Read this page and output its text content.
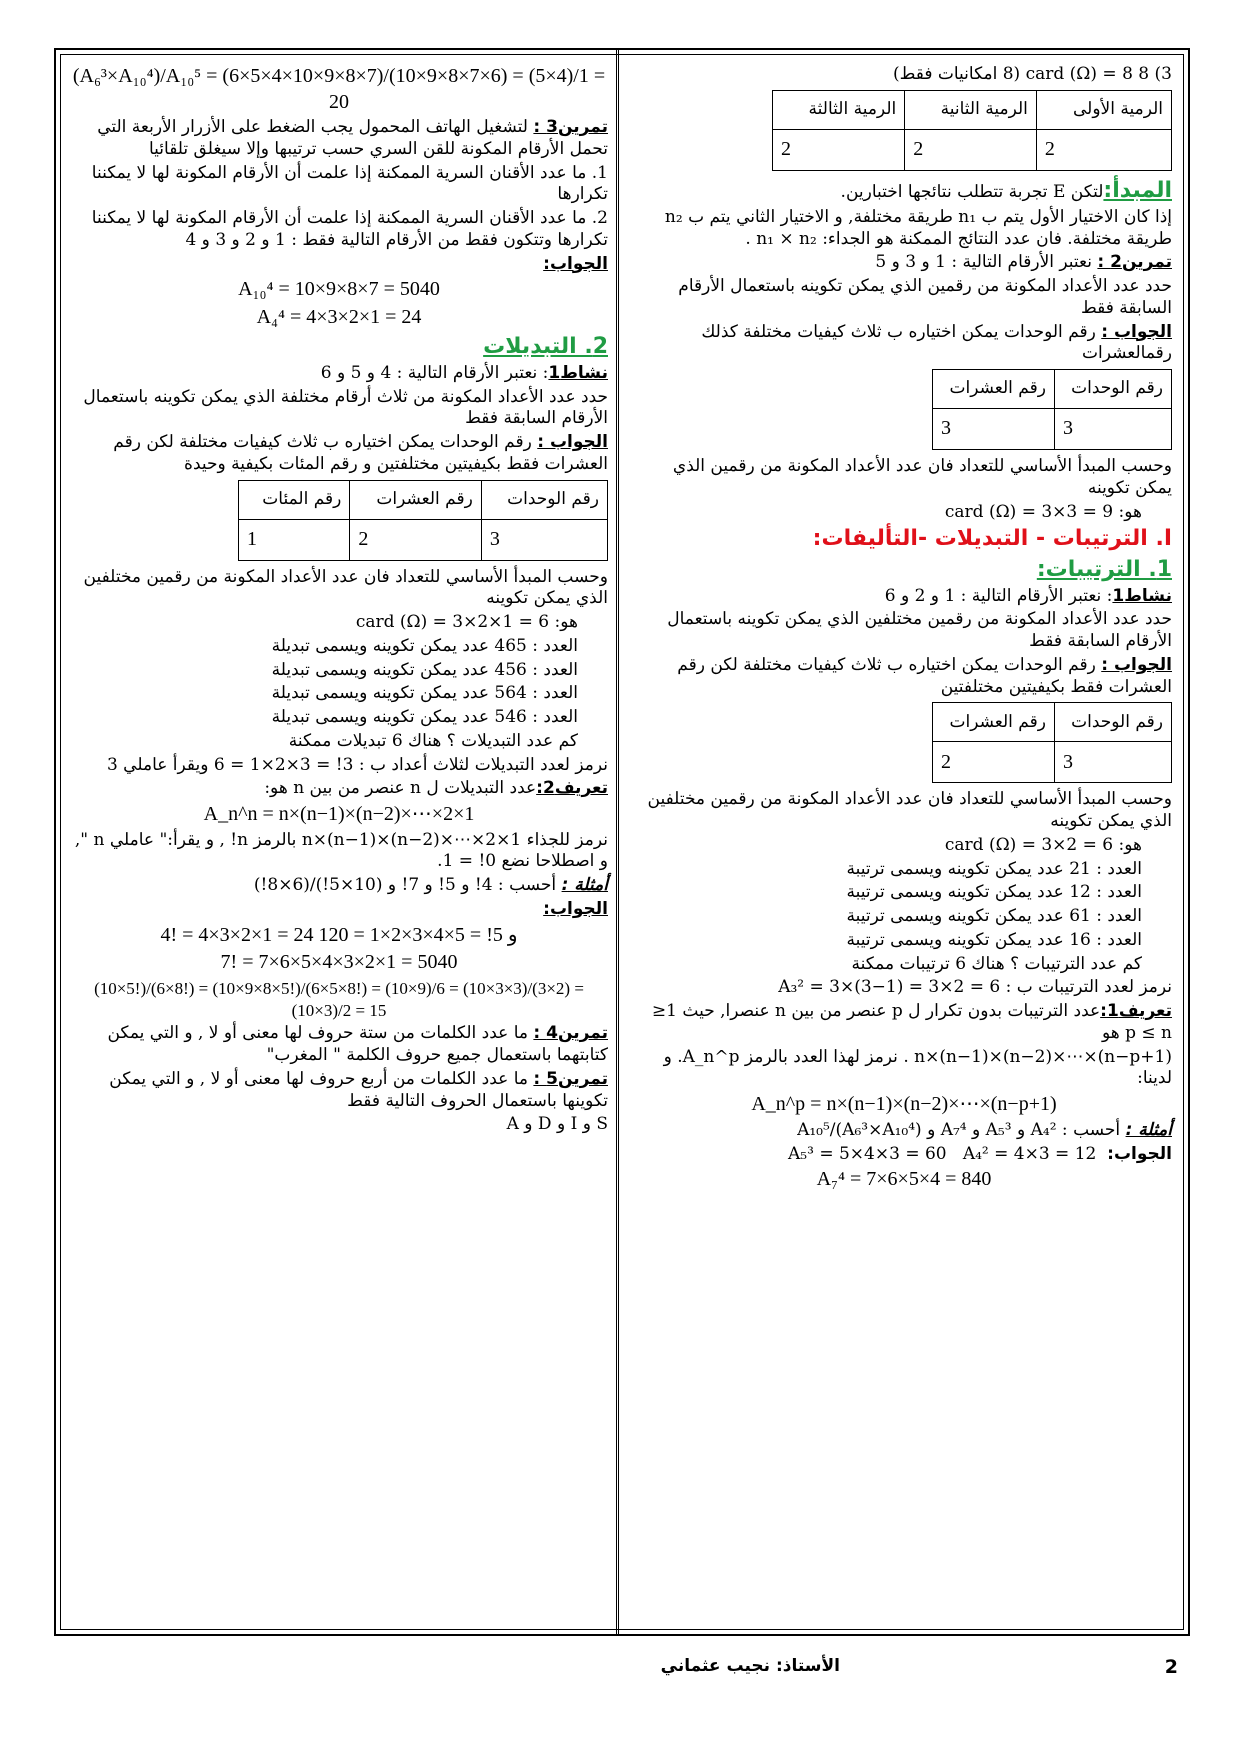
3) 8 card (Ω) = 8 (8 امكانيات فقط)

الرمية الأولى	الرمية الثانية	الرمية الثالثة
2	2	2

المبدأ:لتكن E تجربة تتطلب نتائجها اختبارين.

إذا كان الاختيار الأول يتم ب n₁ طريقة مختلفة, و الاختيار الثاني يتم ب n₂ طريقة مختلفة. فان عدد النتائج الممكنة هو الجداء: n₁ × n₂ .

تمرين2 : نعتبر الأرقام التالية : 1 و 3 و 5

حدد عدد الأعداد المكونة من رقمين الذي يمكن تكوينه باستعمال الأرقام السابقة فقط

الجواب : رقم الوحدات يمكن اختياره ب ثلاث كيفيات مختلفة كذلك رقمالعشرات

رقم الوحدات	رقم العشرات
3	3

وحسب المبدأ الأساسي للتعداد فان عدد الأعداد المكونة من رقمين الذي يمكن تكوينه

هو: card (Ω) = 3×3 = 9

I. الترتيبات - التبديلات -التأليفات:

1. الترتيبات:

نشاط1: نعتبر الأرقام التالية : 1 و 2 و 6

حدد عدد الأعداد المكونة من رقمين مختلفين الذي يمكن تكوينه باستعمال الأرقام السابقة فقط

الجواب : رقم الوحدات يمكن اختياره ب ثلاث كيفيات مختلفة لكن رقم العشرات فقط بكيفيتين مختلفتين

رقم الوحدات	رقم العشرات
3	2

وحسب المبدأ الأساسي للتعداد فان عدد الأعداد المكونة من رقمين مختلفين الذي يمكن تكوينه

هو: card (Ω) = 3×2 = 6

العدد : 21 عدد يمكن تكوينه ويسمى ترتيبة

العدد : 12 عدد يمكن تكوينه ويسمى ترتيبة

العدد : 61 عدد يمكن تكوينه ويسمى ترتيبة

العدد : 16 عدد يمكن تكوينه ويسمى ترتيبة

كم عدد الترتيبات ؟ هناك 6 ترتيبات ممكنة

نرمز لعدد الترتيبات ب : A₃² = 3×(3−1) = 3×2 = 6

تعريف1:عدد الترتيبات بدون تكرار ل p عنصر من بين n عنصرا, حيث 1≤ p ≤ n هو

n×(n−1)×(n−2)×⋯×(n−p+1) . نرمز لهذا العدد بالرمز A_n^p. و لدينا:

A_n^p = n×(n−1)×(n−2)×⋯×(n−p+1)

أمثلة : أحسب : A₄² و A₅³ و A₇⁴ و (A₆³×A₁₀⁴)/A₁₀⁵

الجواب:  A₅³ = 5×4×3 = 60 A₄² = 4×3 = 12

A₇⁴ = 7×6×5×4 = 840

(A₆³×A₁₀⁴)/A₁₀⁵ = (6×5×4×10×9×8×7)/(10×9×8×7×6) = (5×4)/1 = 20

تمرين3 : لتشغيل الهاتف المحمول يجب الضغط على الأزرار الأربعة التي تحمل الأرقام المكونة للقن السري حسب ترتيبها وإلا سيغلق تلقائيا

1. ما عدد الأقنان السرية الممكنة إذا علمت أن الأرقام المكونة لها لا يمكننا تكرارها

2. ما عدد الأقنان السرية الممكنة إذا علمت أن الأرقام المكونة لها لا يمكننا تكرارها وتتكون فقط من الأرقام التالية فقط : 1 و 2 و 3 و 4

الجواب:

A₁₀⁴ = 10×9×8×7 = 5040

A₄⁴ = 4×3×2×1 = 24

2. التبديلات

نشاط1: نعتبر الأرقام التالية : 4 و 5 و 6

حدد عدد الأعداد المكونة من ثلاث أرقام مختلفة الذي يمكن تكوينه باستعمال الأرقام السابقة فقط

الجواب : رقم الوحدات يمكن اختياره ب ثلاث كيفيات مختلفة لكن رقم العشرات فقط بكيفيتين مختلفتين و رقم المئات بكيفية وحيدة

رقم الوحدات	رقم العشرات	رقم المئات
3	2	1

وحسب المبدأ الأساسي للتعداد فان عدد الأعداد المكونة من رقمين مختلفين الذي يمكن تكوينه

هو: card (Ω) = 3×2×1 = 6

العدد : 465 عدد يمكن تكوينه ويسمى تبديلة

العدد : 456 عدد يمكن تكوينه ويسمى تبديلة

العدد : 564 عدد يمكن تكوينه ويسمى تبديلة

العدد : 546 عدد يمكن تكوينه ويسمى تبديلة

كم عدد التبديلات ؟ هناك 6 تبديلات ممكنة

نرمز لعدد التبديلات لثلاث أعداد ب : 3! = 3×2×1 = 6 ويقرأ عاملي 3

تعريف2:عدد التبديلات ل n عنصر من بين n هو:

A_n^n = n×(n−1)×(n−2)×⋯×2×1

نرمز للجذاء n×(n−1)×(n−2)×⋯×2×1 بالرمز n! , و يقرأ:" عاملي n ", و اصطلاحا نضع 0! = 1.

أمثلة : أحسب : 4! و 5! و 7! و (10×5!)/(6×8!)

الجواب:

4! = 4×3×2×1 = 24 و 5! = 5×4×3×2×1 = 120

7! = 7×6×5×4×3×2×1 = 5040

(10×5!)/(6×8!) = (10×9×8×5!)/(6×5×8!) = (10×9)/6 = (10×3×3)/(3×2) = (10×3)/2 = 15

تمرين4 : ما عدد الكلمات من ستة حروف لها معنى أو لا , و التي يمكن كتابتهما باستعمال جميع حروف الكلمة " المغرب"

تمرين5 : ما عدد الكلمات من أربع حروف لها معنى أو لا , و التي يمكن تكوينها باستعمال الحروف التالية فقط

S و I و D و A

2
الأستاذ: نجيب عثماني
